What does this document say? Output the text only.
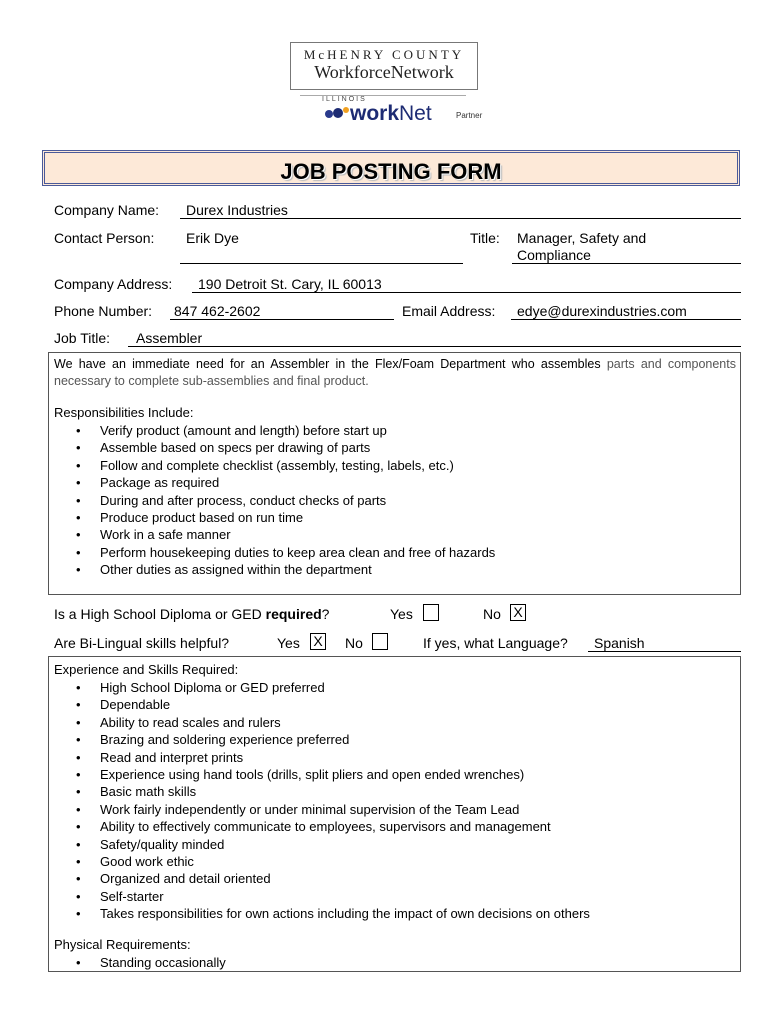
McHENRY COUNTY
WorkforceNetwork
ILLINOIS
workNet	Partner
JOB POSTING FORM
Company Name: Durex Industries
Contact Person: Erik Dye	Title: Manager, Safety and
Compliance
Company Address: 190 Detroit St. Cary, IL 60013
Phone Number: 847 462-2602	Email Address: edye@durexindustries.com
Job Title: Assembler
We have an immediate need for an Assembler in the Flex/Foam Department who assembles parts and components necessary to complete sub-assemblies and final product.
Responsibilities Include:
• Verify product (amount and length) before start up
• Assemble based on specs per drawing of parts
• Follow and complete checklist (assembly, testing, labels, etc.)
• Package as required
• During and after process, conduct checks of parts
• Produce product based on run time
• Work in a safe manner
• Perform housekeeping duties to keep area clean and free of hazards
• Other duties as assigned within the department
Is a High School Diploma or GED required?	Yes	No X
Are Bi-Lingual skills helpful?	Yes X No	If yes, what Language? Spanish
Experience and Skills Required:
• High School Diploma or GED preferred
• Dependable
• Ability to read scales and rulers
• Brazing and soldering experience preferred
• Read and interpret prints
• Experience using hand tools (drills, split pliers and open ended wrenches)
• Basic math skills
• Work fairly independently or under minimal supervision of the Team Lead
• Ability to effectively communicate to employees, supervisors and management
• Safety/quality minded
• Good work ethic
• Organized and detail oriented
• Self-starter
• Takes responsibilities for own actions including the impact of own decisions on others
Physical Requirements:
• Standing occasionally
